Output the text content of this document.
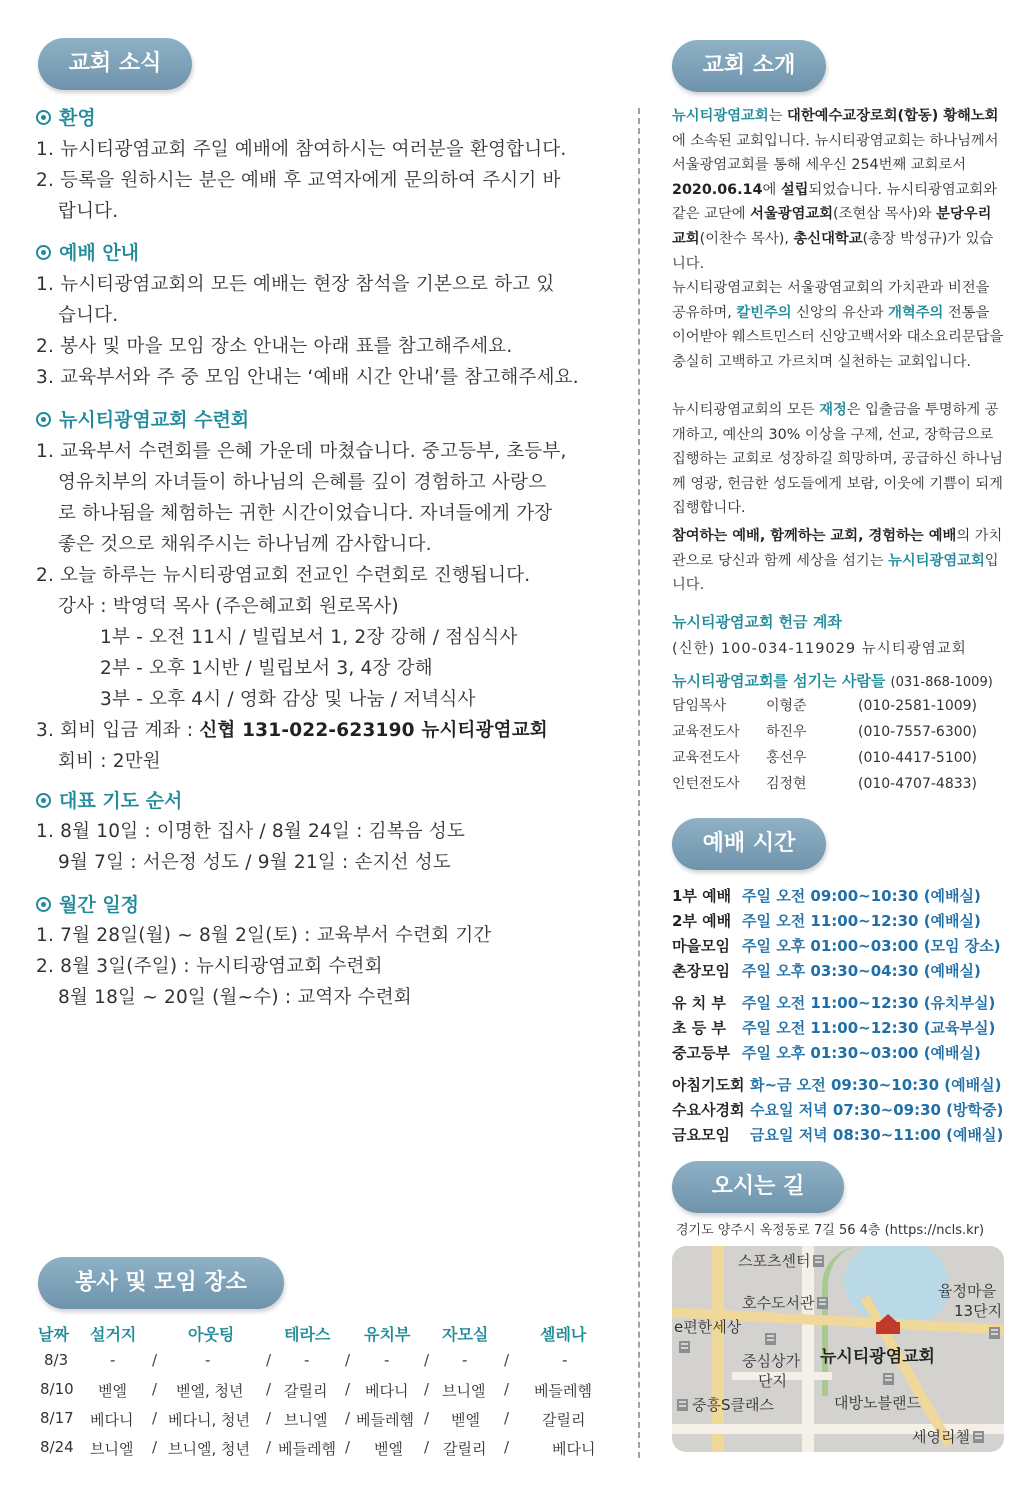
교회 소식
환영
1. 뉴시티광염교회 주일 예배에 참여하시는 여러분을 환영합니다.
2. 등록을 원하시는 분은 예배 후 교역자에게 문의하여 주시기 바
랍니다.
예배 안내
1. 뉴시티광염교회의 모든 예배는 현장 참석을 기본으로 하고 있
습니다.
2. 봉사 및 마을 모임 장소 안내는 아래 표를 참고해주세요.
3. 교육부서와 주 중 모임 안내는 ‘예배 시간 안내’를 참고해주세요.
뉴시티광염교회 수련회
1. 교육부서 수련회를 은혜 가운데 마쳤습니다. 중고등부, 초등부,
영유치부의 자녀들이 하나님의 은혜를 깊이 경험하고 사랑으
로 하나됨을 체험하는 귀한 시간이었습니다. 자녀들에게 가장
좋은 것으로 채워주시는 하나님께 감사합니다.
2. 오늘 하루는 뉴시티광염교회 전교인 수련회로 진행됩니다.
강사 : 박영덕 목사 (주은혜교회 원로목사)
1부 - 오전 11시 / 빌립보서 1, 2장 강해 / 점심식사
2부 - 오후 1시반 / 빌립보서 3, 4장 강해
3부 - 오후 4시 / 영화 감상 및 나눔 / 저녁식사
3. 회비 입금 계좌 : 신협 131-022-623190 뉴시티광염교회
회비 : 2만원
대표 기도 순서
1. 8월 10일 : 이명한 집사 / 8월 24일 : 김복음 성도
9월 7일 : 서은정 성도 / 9월 21일 : 손지선 성도
월간 일정
1. 7월 28일(월) ~ 8월 2일(토) : 교육부서 수련회 기간
2. 8월 3일(주일) : 뉴시티광염교회 수련회
8월 18일 ~ 20일 (월~수) : 교역자 수련회
봉사 및 모임 장소
날짜 설거지	아웃팅	테라스 유치부 자모실	셀레나
8/3	- /	-	/ - / - / - /	-
8/10 벧엘 / 벧엘, 청년 / 갈릴리 / 베다니 / 브니엘 / 베들레헴
8/17 베다니 / 베다니, 청년 / 브니엘 / 베들레헴 / 벧엘 / 갈릴리
8/24 브니엘 / 브니엘, 청년 / 베들레헴 / 벧엘 / 갈릴리 /	베다니
교회 소개
뉴시티광염교회는 대한예수교장로회(합동) 황해노회에 소속된 교회입니다. 뉴시티광염교회는 하나님께서 서울광염교회를 통해 세우신 254번째 교회로서 2020.06.14에 설립되었습니다. 뉴시티광염교회와 같은 교단에 서울광염교회(조현삼 목사)와 분당우리교회(이찬수 목사), 총신대학교(총장 박성규)가 있습니다.
뉴시티광염교회는 서울광염교회의 가치관과 비전을 공유하며, 칼빈주의 신앙의 유산과 개혁주의 전통을 이어받아 웨스트민스터 신앙고백서와 대소요리문답을 충실히 고백하고 가르치며 실천하는 교회입니다.
뉴시티광염교회의 모든 재정은 입출금을 투명하게 공개하고, 예산의 30% 이상을 구제, 선교, 장학금으로 집행하는 교회로 성장하길 희망하며, 공급하신 하나님께 영광, 헌금한 성도들에게 보람, 이웃에 기쁨이 되게 집행합니다.
참여하는 예배, 함께하는 교회, 경험하는 예배의 가치관으로 당신과 함께 세상을 섬기는 뉴시티광염교회입니다.
뉴시티광염교회 헌금 계좌
(신한) 100-034-119029 뉴시티광염교회
뉴시티광염교회를 섬기는 사람들 (031-868-1009)
담임목사	이형준	(010-2581-1009)
교육전도사 하진우	(010-7557-6300)
교육전도사 홍선우	(010-4417-5100)
인턴전도사 김정현	(010-4707-4833)
예배 시간
1부 예배 주일 오전 09:00~10:30 (예배실)
2부 예배 주일 오전 11:00~12:30 (예배실)
마을모임 주일 오후 01:00~03:00 (모임 장소)
촌장모임 주일 오후 03:30~04:30 (예배실)
유 치 부 주일 오전 11:00~12:30 (유치부실)
초 등 부 주일 오전 11:00~12:30 (교육부실)
중고등부 주일 오후 01:30~03:00 (예배실)
아침기도회 화~금 오전 09:30~10:30 (예배실)
수요사경회 수요일 저녁 07:30~09:30 (방학중)
금요모임 금요일 저녁 08:30~11:00 (예배실)
오시는 길
경기도 양주시 옥정동로 7길 56 4층 (https://ncls.kr)
스포츠센터
호수도서관
e편한세상
중심상가
단지
뉴시티광염교회
대방노블랜드
율정마을
13단지
중흥S클래스
세영리첼
